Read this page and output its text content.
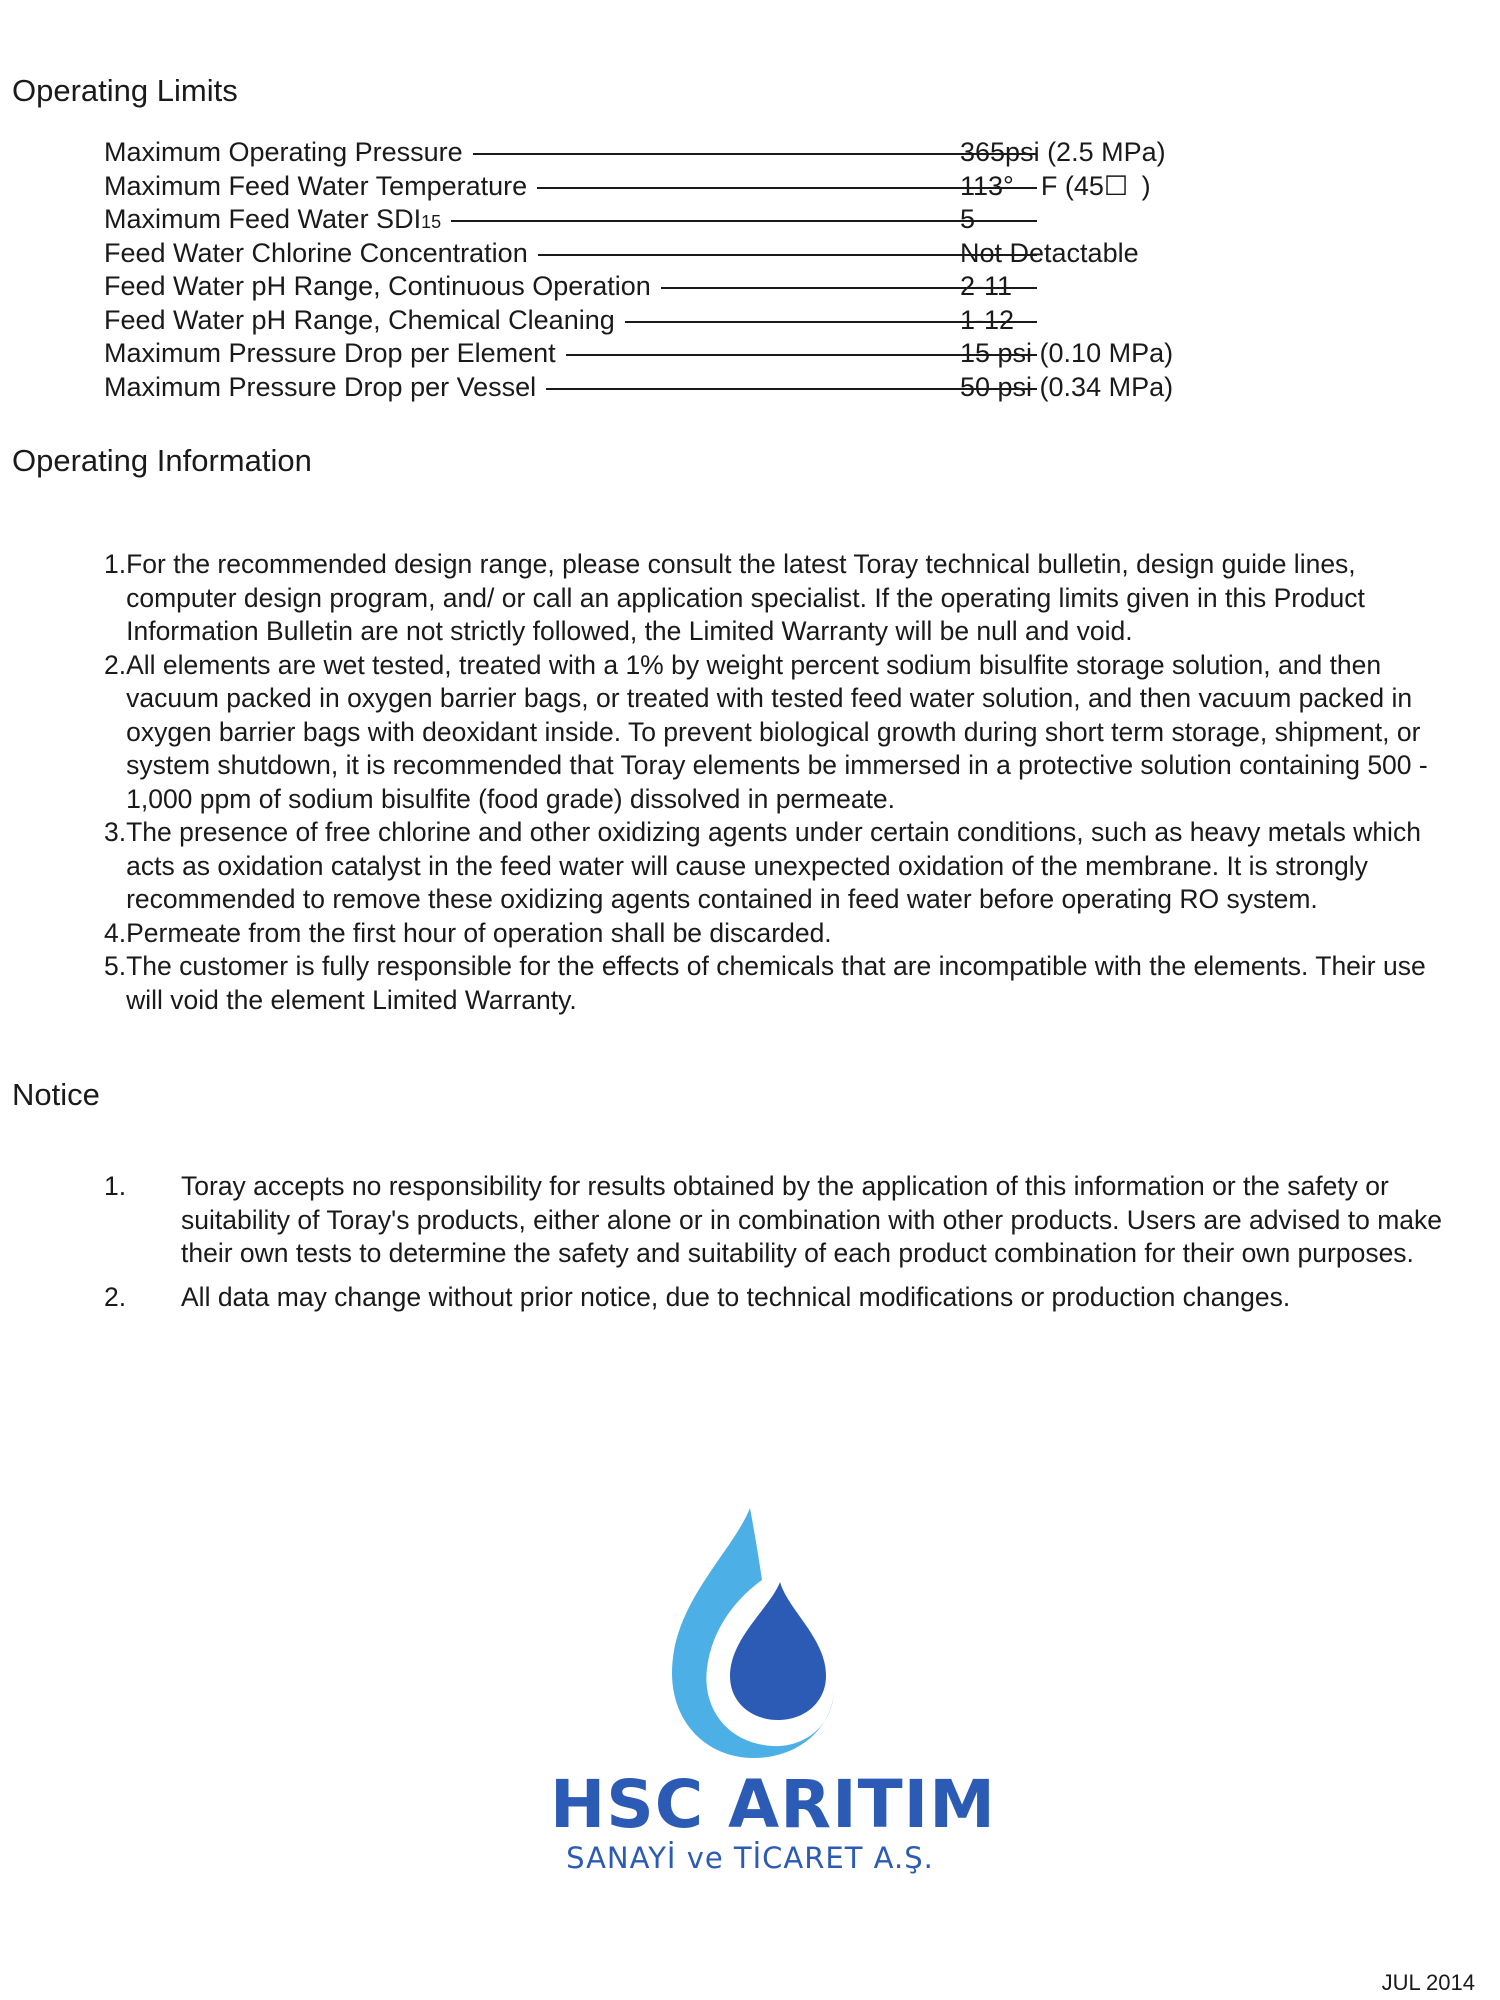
Operating Limits
Maximum Operating Pressure	365psi (2.5 MPa)
Maximum Feed Water Temperature	113° F (45☐ )
Maximum Feed Water SDI15	5
Feed Water Chlorine Concentration	Not Detactable
Feed Water pH Range, Continuous Operation	2-11
Feed Water pH Range, Chemical Cleaning	1-12
Maximum Pressure Drop per Element	15 psi (0.10 MPa)
Maximum Pressure Drop per Vessel	50 psi (0.34 MPa)
Operating Information

1. For the recommended design range, please consult the latest Toray technical bulletin, design guide lines, computer design program, and/ or call an application specialist. If the operating limits given in this Product Information Bulletin are not strictly followed, the Limited Warranty will be null and void.

2. All elements are wet tested, treated with a 1% by weight percent sodium bisulfite storage solution, and then vacuum packed in oxygen barrier bags, or treated with tested feed water solution, and then vacuum packed in oxygen barrier bags with deoxidant inside. To prevent biological growth during short term storage, shipment, or system shutdown, it is recommended that Toray elements be immersed in a protective solution containing 500 - 1,000 ppm of sodium bisulfite (food grade) dissolved in permeate.

3. The presence of free chlorine and other oxidizing agents under certain conditions, such as heavy metals which acts as oxidation catalyst in the feed water will cause unexpected oxidation of the membrane. It is strongly recommended to remove these oxidizing agents contained in feed water before operating RO system.

4. Permeate from the first hour of operation shall be discarded.

5. The customer is fully responsible for the effects of chemicals that are incompatible with the elements. Their use will void the element Limited Warranty.

Notice
1.	Toray accepts no responsibility for results obtained by the application of this information or the safety or suitability of Toray's products, either alone or in combination with other products. Users are advised to make their own tests to determine the safety and suitability of each product combination for their own purposes.
2.	All data may change without prior notice, due to technical modifications or production changes.
HSC ARITIM
SANAYİ ve TİCARET A.Ş.
JUL 2014
